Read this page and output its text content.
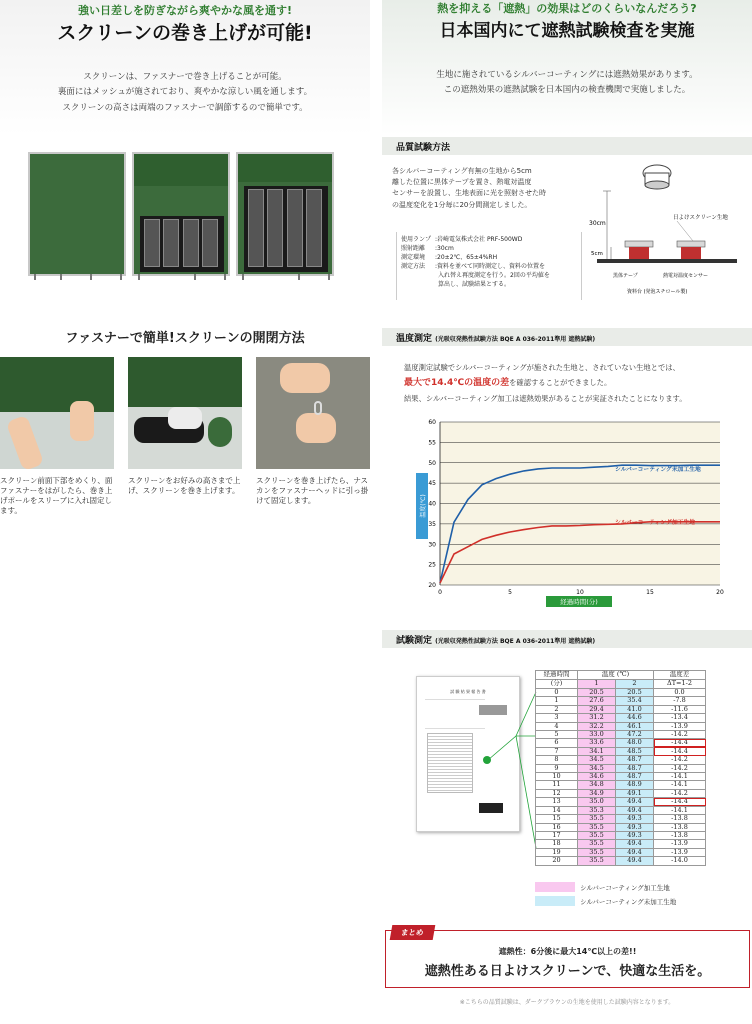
強い日差しを防ぎながら爽やかな風を通す!
スクリーンの巻き上げが可能!
スクリーンは、ファスナーで巻き上げることが可能。
裏面にはメッシュが施されており、爽やかな涼しい風を通します。
スクリーンの高さは両端のファスナーで調節するので簡単です。
ファスナーで簡単!スクリーンの開閉方法
スクリーン前面下部をめくり、面ファスナーをはがしたら、巻き上げポールをスリーブに入れ固定します。
スクリーンをお好みの高さまで上げ、スクリーンを巻き上げます。
スクリーンを巻き上げたら、ナスカンをファスナーヘッドに引っ掛けて固定します。
熱を抑える「遮熱」の効果はどのくらいなんだろう?
日本国内にて遮熱試験検査を実施
生地に施されているシルバーコーティングには遮熱効果があります。
この遮熱効果の遮熱試験を日本国内の検査機関で実施しました。
品質試験方法
各シルバーコーティング有無の生地から5cm
離した位置に黒体テープを置き、熱電対温度
センサーを設置し、生地表面に光を照射させた時
の温度変化を1分毎に20分間測定しました。
使用ランプ :岩崎電気株式会社 PRF-500WD
照射距離 :30cm
測定環境 :20±2℃、65±4%RH
測定方法 :資料を並べて同時測定し、資料の位置を
入れ替え再度測定を行う。2回の平均値を
算出し、試験結果とする。
30cm
5cm
日よけスクリーン生地
黒体テープ	熱電対温度センサー
資料台 (発泡スチロール製)
温度測定 (光吸収発熱性試験方法 BQE A 036-2011準用 遮熱試験)
温度測定試験でシルバーコーティングが施された生地と、されていない生地とでは、
最大で14.4℃の温度の差を確認することができました。
結果、シルバーコーティング加工は遮熱効果があることが実証されたことになります。
20
25
30
35
40
45
50
55
60
0	5	10	15	20
シルバーコーティング未加工生地
シルバーコーティング加工生地
温度(℃)
経過時間(分)
試験測定 (光吸収発熱性試験方法 BQE A 036-2011準用 遮熱試験)
試 験 結 果 報 告 書
経過時間	温度 (℃)		温度差
(分)	1	2	ΔT=1-2
0	20.5	20.5	0.0
1	27.6	35.4	-7.8
2	29.4	41.0	-11.6
3	31.2	44.6	-13.4
4	32.2	46.1	-13.9
5	33.0	47.2	-14.2
6	33.6	48.0	-14.4
7	34.1	48.5	-14.4
8	34.5	48.7	-14.2
9	34.5	48.7	-14.2
10	34.6	48.7	-14.1
11	34.8	48.9	-14.1
12	34.9	49.1	-14.2
13	35.0	49.4	-14.4
14	35.3	49.4	-14.1
15	35.5	49.3	-13.8
16	35.5	49.3	-13.8
17	35.5	49.3	-13.8
18	35.5	49.4	-13.9
19	35.5	49.4	-13.9
20	35.5	49.4	-14.0
シルバーコーティング加工生地
シルバーコーティング未加工生地
まとめ
遮熱性：6分後に最大14℃以上の差!!
遮熱性ある日よけスクリーンで、快適な生活を。
※こちらの品質試験は、ダークブラウンの生地を使用した試験内容となります。
